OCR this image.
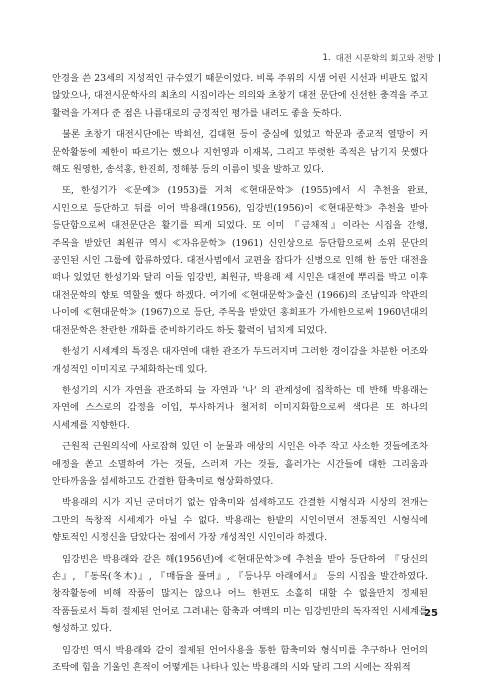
1. 대전 시문학의 회고와 전망

안경을 쓴 23세의 지성적인 규수였기 때문이었다. 비록 주위의 시샘 어린 시선과 비판도 없지 않았으나, 대전시문학사의 최초의 시집이라는 의의와 초창기 대전 문단에 신선한 충격을 주고 활력을 가져다 준 점은 나름대로의 긍정적인 평가를 내려도 좋을 듯하다.

불론 초창기 대전시단에는 박희선, 김대현 등이 중심에 있었고 학문과 종교적 열망이 커 문학활동에 제한이 따르기는 했으나 지헌영과 이재복, 그리고 뚜렷한 족적은 남기지 못했다 해도 원영한, 송석홍, 한진희, 정해붕 등의 이름이 빛을 발하고 있다.

또, 한성기가 ≪문예≫ (1953)를 거쳐 ≪현대문학≫ (1955)에서 시 추천을 완료, 시인으로 등단하고 뒤를 이어 박용래(1956), 임강빈(1956)이 ≪현대문학≫ 추천을 받아 등단함으로써 대전문단은 활기를 띄게 되었다. 또 이미 『금채적』이라는 시집을 간행, 주목을 받았던 최원규 역시 ≪자유문학≫ (1961) 신인상으로 등단함으로써 소위 문단의 공인된 시인 그룹에 합류하였다. 대전사범에서 교편을 잡다가 신병으로 인해 한 동안 대전을 떠나 있었던 한성기와 달리 이들 임강빈, 최원규, 박용래 세 시인은 대전에 뿌리를 박고 이후 대전문학의 향토 역할을 했다 하겠다. 여기에 ≪현대문학≫출신 (1966)의 조남익과 약관의 나이에 ≪현대문학≫ (1967)으로 등단, 주목을 받았던 홍희표가 가세한으로써 1960년대의 대전문학은 찬란한 개화를 준비하기라도 하듯 활력이 넘치게 되었다.

한성기 시세계의 특징은 대자연에 대한 관조가 두드러지며 그러한 경이감을 차분한 어조와 개성적인 이미지로 구체화하는데 있다.

한성기의 시가 자연을 관조하되 늘 자연과 '나' 의 관계성에 집착하는 데 반해 박용래는 자연에 스스로의 감정을 이입, 투사하거나 철저히 이미지화함으로써 색다른 또 하나의 시세계를 지향한다.

근원적 근원의식에 사로잡혀 있던 이 눈물과 애상의 시인은 아주 작고 사소한 것들에조차 애정을 쏟고 소멸하여 가는 것들, 스러져 가는 것들, 흘러가는 시간들에 대한 그리움과 안타까움을 섬세하고도 간결한 함축미로 형상화하였다.

박용래의 시가 지닌 군더더기 없는 압축미와 섬세하고도 간결한 시형식과 시상의 전개는 그만의 독창적 시세계가 아닐 수 없다. 박용래는 한밭의 시인이면서 전통적인 시형식에 향토적인 시정신을 담았다는 점에서 가장 개성적인 시인이라 하겠다.

임강빈은 박용래와 같은 해(1956년)에 ≪현대문학≫에 추천을 받아 등단하여 『당신의 손』, 『동목(冬木)』, 『매듭을 풀며』, 『등나무 아래에서』 등의 시집을 발간하였다. 창작활동에 비해 작품이 많지는 않으나 어느 한편도 소홀히 대할 수 없을만치 정제된 작품들로서 특히 절제된 언어로 그려내는 함축과 여백의 미는 임강빈만의 독자적인 시세계를 형성하고 있다.

임강빈 역시 박용래와 같이 절제된 언어사용을 통한 함축미와 형식미를 추구하나 언어의 조탁에 힘을 기울인 흔적이 어떻게든 나타나 있는 박용래의 시와 달리 그의 시에는 작위적

25
